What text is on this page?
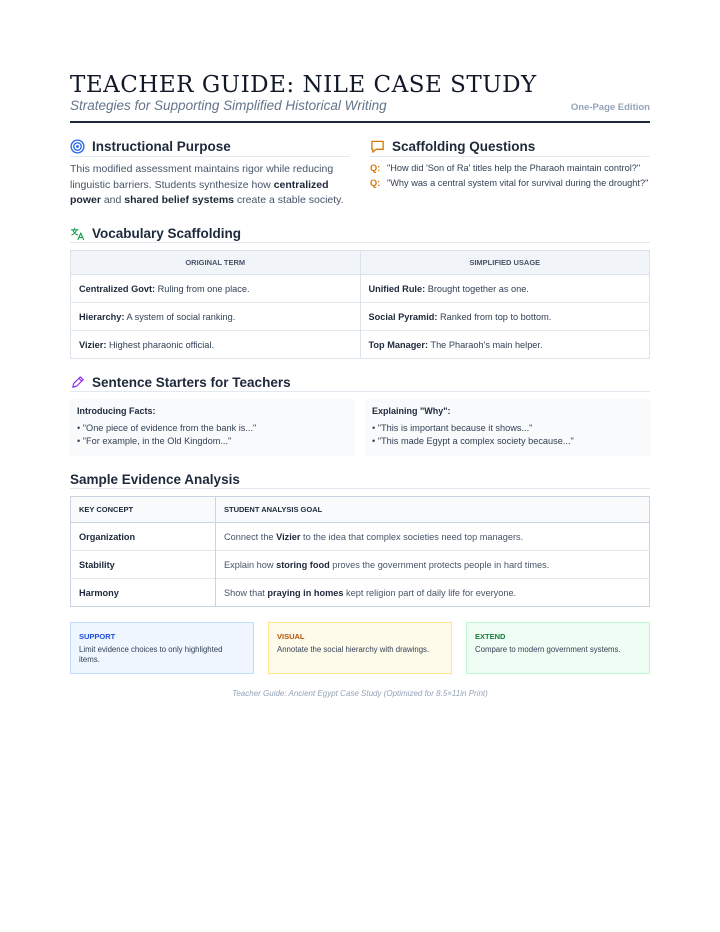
TEACHER GUIDE: NILE CASE STUDY
Strategies for Supporting Simplified Historical Writing	One-Page Edition
Instructional Purpose
This modified assessment maintains rigor while reducing linguistic barriers. Students synthesize how centralized power and shared belief systems create a stable society.
Scaffolding Questions
Q: "How did 'Son of Ra' titles help the Pharaoh maintain control?"
Q: "Why was a central system vital for survival during the drought?"
Vocabulary Scaffolding
ORIGINAL TERM	SIMPLIFIED USAGE
Centralized Govt: Ruling from one place.	Unified Rule: Brought together as one.
Hierarchy: A system of social ranking.	Social Pyramid: Ranked from top to bottom.
Vizier: Highest pharaonic official.	Top Manager: The Pharaoh's main helper.
Sentence Starters for Teachers
Introducing Facts:
• "One piece of evidence from the bank is..."
• "For example, in the Old Kingdom..."
Explaining "Why":
• "This is important because it shows..."
• "This made Egypt a complex society because..."
Sample Evidence Analysis
KEY CONCEPT	STUDENT ANALYSIS GOAL
Organization	Connect the Vizier to the idea that complex societies need top managers.
Stability	Explain how storing food proves the government protects people in hard times.
Harmony	Show that praying in homes kept religion part of daily life for everyone.
SUPPORT
Limit evidence choices to only highlighted items.
VISUAL
Annotate the social hierarchy with drawings.
EXTEND
Compare to modern government systems.
Teacher Guide: Ancient Egypt Case Study (Optimized for 8.5×11in Print)
